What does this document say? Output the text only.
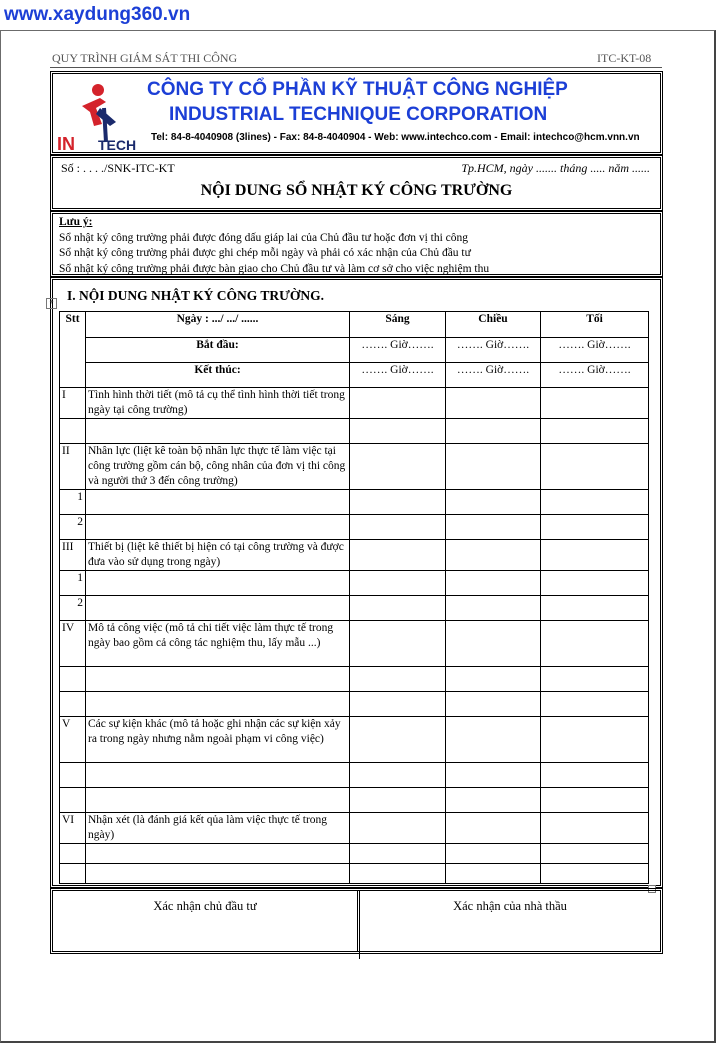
www.xaydung360.vn
QUY TRÌNH GIÁM SÁT THI CÔNG	ITC-KT-08
IN TECH
CÔNG TY CỔ PHẦN KỸ THUẬT CÔNG NGHIỆP
INDUSTRIAL TECHNIQUE CORPORATION
Tel: 84-8-4040908 (3lines) - Fax: 84-8-4040904 - Web: www.intechco.com - Email: intechco@hcm.vnn.vn
Số : . . . ./SNK-ITC-KT	Tp.HCM, ngày ....... tháng ..... năm ......
NỘI DUNG SỔ NHẬT KÝ CÔNG TRƯỜNG
Lưu ý:
Sổ nhật ký công trường phải được đóng dấu giáp lai của Chủ đầu tư hoặc đơn vị thi công
Sổ nhật ký công trường phải được ghi chép mỗi ngày và phải có xác nhận của Chủ đầu tư
Sổ nhật ký công trường phải được bàn giao cho Chủ đầu tư và làm cơ sở cho việc nghiệm thu
I. NỘI DUNG NHẬT KÝ CÔNG TRƯỜNG.
+
Stt	Ngày : .../ .../ ......	Sáng	Chiều	Tối
	Bắt đầu:	……. Giờ…….	……. Giờ…….	……. Giờ…….
	Kết thúc:	……. Giờ…….	……. Giờ…….	……. Giờ…….
I	Tình hình thời tiết (mô tả cụ thể tình hình thời tiết trong ngày tại công trường)			

II	Nhân lực (liệt kê toàn bộ nhân lực thực tế làm việc tại công trường gồm cán bộ, công nhân của đơn vị thi công và người thứ 3 đến công trường)			
1				
2				
III	Thiết bị (liệt kê thiết bị hiện có tại công trường và được đưa vào sử dụng trong ngày)			
1				
2				
IV	Mô tả công việc (mô tả chi tiết việc làm thực tế trong ngày bao gồm cả công tác nghiệm thu, lấy mẫu ...)			

V	Các sự kiện khác (mô tả hoặc ghi nhận các sự kiện xảy ra trong ngày nhưng nằm ngoài phạm vi công việc)			

VI	Nhận xét (là đánh giá kết qủa làm việc thực tế trong ngày)			

Xác nhận chủ đầu tư	Xác nhận của nhà thầu
